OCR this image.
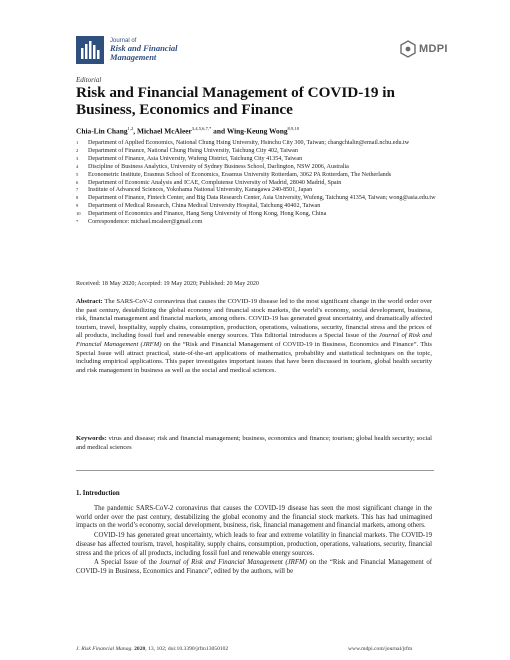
Journal of
Risk and Financial
Management
MDPI
Editorial
Risk and Financial Management of COVID-19 in Business, Economics and Finance
Chia-Lin Chang$^{1,2}$, Michael McAleer$^{3,4,5,6,7,*}$ and Wing-Keung Wong$^{8,9,10}$
1 Department of Applied Economics, National Chung Hsing University, Hsinchu City 300, Taiwan; changchialin@email.nchu.edu.tw
2 Department of Finance, National Chung Hsing University, Taichung City 402, Taiwan
3 Department of Finance, Asia University, Wufeng District, Taichung City 41354, Taiwan
4 Discipline of Business Analytics, University of Sydney Business School, Darlington, NSW 2006, Australia
5 Econometric Institute, Erasmus School of Economics, Erasmus University Rotterdam, 3062 PA Rotterdam, The Netherlands
6 Department of Economic Analysis and ICAE, Complutense University of Madrid, 28040 Madrid, Spain
7 Institute of Advanced Sciences, Yokohama National University, Kanagawa 240-8501, Japan
8 Department of Finance, Fintech Center, and Big Data Research Center, Asia University, Wufeng, Taichung 41354, Taiwan; wong@asia.edu.tw
9 Department of Medical Research, China Medical University Hospital, Taichung 40402, Taiwan
10 Department of Economics and Finance, Hang Seng University of Hong Kong, Hong Kong, China
* Correspondence: michael.mcaleer@gmail.com
Received: 18 May 2020; Accepted: 19 May 2020; Published: 20 May 2020
Abstract: The SARS-CoV-2 coronavirus that causes the COVID-19 disease led to the most significant change in the world order over the past century, destabilizing the global economy and financial stock markets, the world’s economy, social development, business, risk, financial management and financial markets, among others. COVID-19 has generated great uncertainty, and dramatically affected tourism, travel, hospitality, supply chains, consumption, production, operations, valuations, security, financial stress and the prices of all products, including fossil fuel and renewable energy sources. This Editorial introduces a Special Issue of the Journal of Risk and Financial Management (JRFM) on the “Risk and Financial Management of COVID-19 in Business, Economics and Finance”. This Special Issue will attract practical, state-of-the-art applications of mathematics, probability and statistical techniques on the topic, including empirical applications. This paper investigates important issues that have been discussed in tourism, global health security and risk management in business as well as the social and medical sciences.
Keywords: virus and disease; risk and financial management; business, economics and finance; tourism; global health security; social and medical sciences
1. Introduction

The pandemic SARS-CoV-2 coronavirus that causes the COVID-19 disease has seen the most significant change in the world order over the past century, destabilizing the global economy and the financial stock markets. This has had unimagined impacts on the world’s economy, social development, business, risk, financial management and financial markets, among others.

COVID-19 has generated great uncertainty, which leads to fear and extreme volatility in financial markets. The COVID-19 disease has affected tourism, travel, hospitality, supply chains, consumption, production, operations, valuations, security, financial stress and the prices of all products, including fossil fuel and renewable energy sources.

A Special Issue of the Journal of Risk and Financial Management (JRFM) on the “Risk and Financial Management of COVID-19 in Business, Economics and Finance”, edited by the authors, will be

J. Risk Financial Manag. 2020, 13, 102; doi:10.3390/jrfm13050102	www.mdpi.com/journal/jrfm
